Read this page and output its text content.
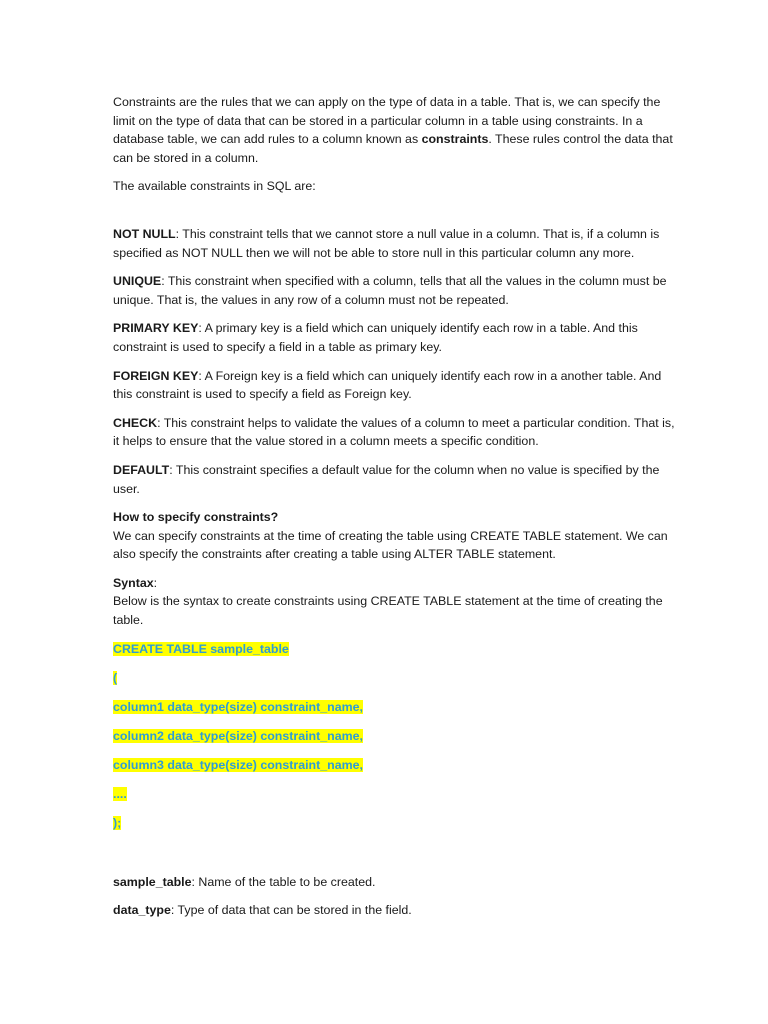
Constraints are the rules that we can apply on the type of data in a table. That is, we can specify the limit on the type of data that can be stored in a particular column in a table using constraints. In a database table, we can add rules to a column known as constraints. These rules control the data that can be stored in a column.

The available constraints in SQL are:

NOT NULL: This constraint tells that we cannot store a null value in a column. That is, if a column is specified as NOT NULL then we will not be able to store null in this particular column any more.

UNIQUE: This constraint when specified with a column, tells that all the values in the column must be unique. That is, the values in any row of a column must not be repeated.

PRIMARY KEY: A primary key is a field which can uniquely identify each row in a table. And this constraint is used to specify a field in a table as primary key.

FOREIGN KEY: A Foreign key is a field which can uniquely identify each row in a another table. And this constraint is used to specify a field as Foreign key.

CHECK: This constraint helps to validate the values of a column to meet a particular condition. That is, it helps to ensure that the value stored in a column meets a specific condition.

DEFAULT: This constraint specifies a default value for the column when no value is specified by the user.

How to specify constraints?

We can specify constraints at the time of creating the table using CREATE TABLE statement. We can also specify the constraints after creating a table using ALTER TABLE statement.

Syntax:

Below is the syntax to create constraints using CREATE TABLE statement at the time of creating the table.

CREATE TABLE sample_table

(

column1 data_type(size) constraint_name,

column2 data_type(size) constraint_name,

column3 data_type(size) constraint_name,

....

);

sample_table: Name of the table to be created.

data_type: Type of data that can be stored in the field.
